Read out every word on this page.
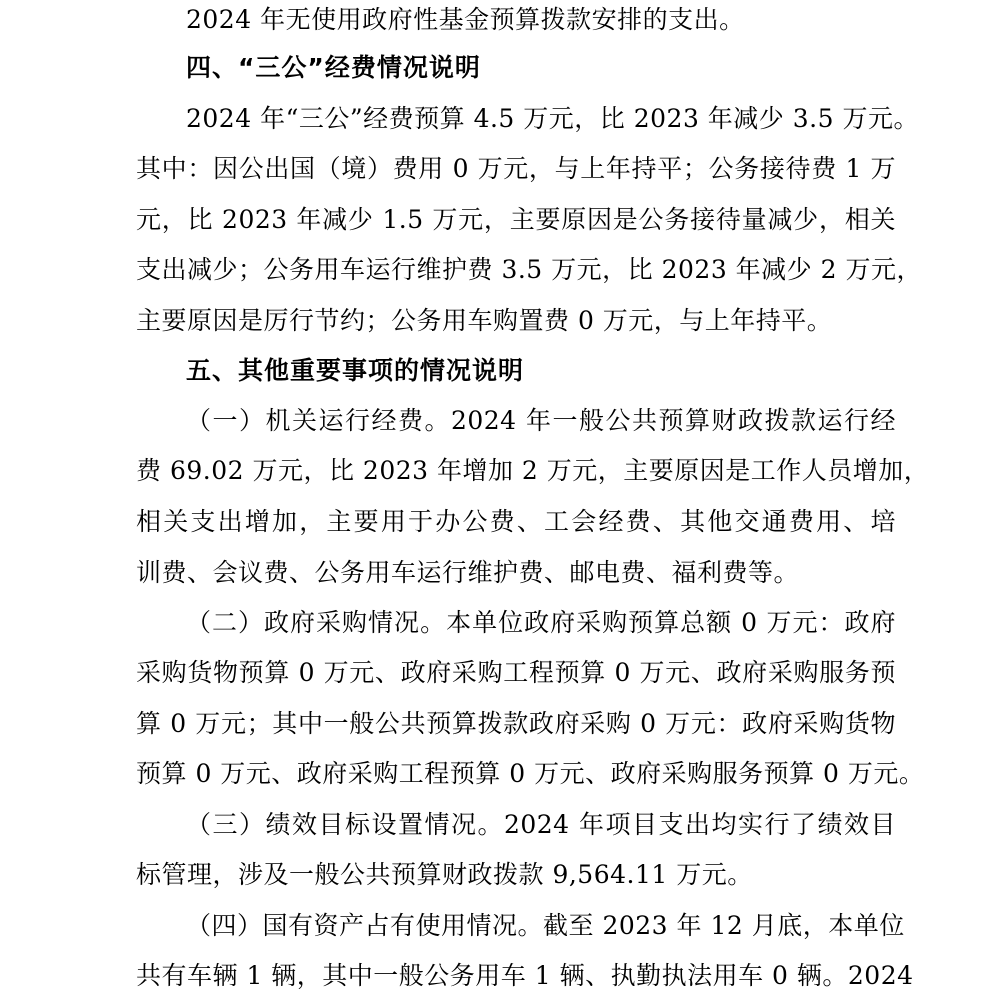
2024 年无使用政府性基金预算拨款安排的支出。
四、“三公”经费情况说明
2024 年“三公”经费预算 4.5 万元，比 2023 年减少 3.5 万元。
其中：因公出国（境）费用 0 万元，与上年持平；公务接待费 1 万
元，比 2023 年减少 1.5 万元，主要原因是公务接待量减少，相关
支出减少；公务用车运行维护费 3.5 万元，比 2023 年减少 2 万元，
主要原因是厉行节约；公务用车购置费 0 万元，与上年持平。
五、其他重要事项的情况说明
（一）机关运行经费。2024 年一般公共预算财政拨款运行经
费 69.02 万元，比 2023 年增加 2 万元，主要原因是工作人员增加，
相关支出增加，主要用于办公费、工会经费、其他交通费用、培
训费、会议费、公务用车运行维护费、邮电费、福利费等。
（二）政府采购情况。本单位政府采购预算总额 0 万元：政府
采购货物预算 0 万元、政府采购工程预算 0 万元、政府采购服务预
算 0 万元；其中一般公共预算拨款政府采购 0 万元：政府采购货物
预算 0 万元、政府采购工程预算 0 万元、政府采购服务预算 0 万元。
（三）绩效目标设置情况。2024 年项目支出均实行了绩效目
标管理，涉及一般公共预算财政拨款 9,564.11 万元。
（四）国有资产占有使用情况。截至 2023 年 12 月底，本单位
共有车辆 1 辆，其中一般公务用车 1 辆、执勤执法用车 0 辆。2024
